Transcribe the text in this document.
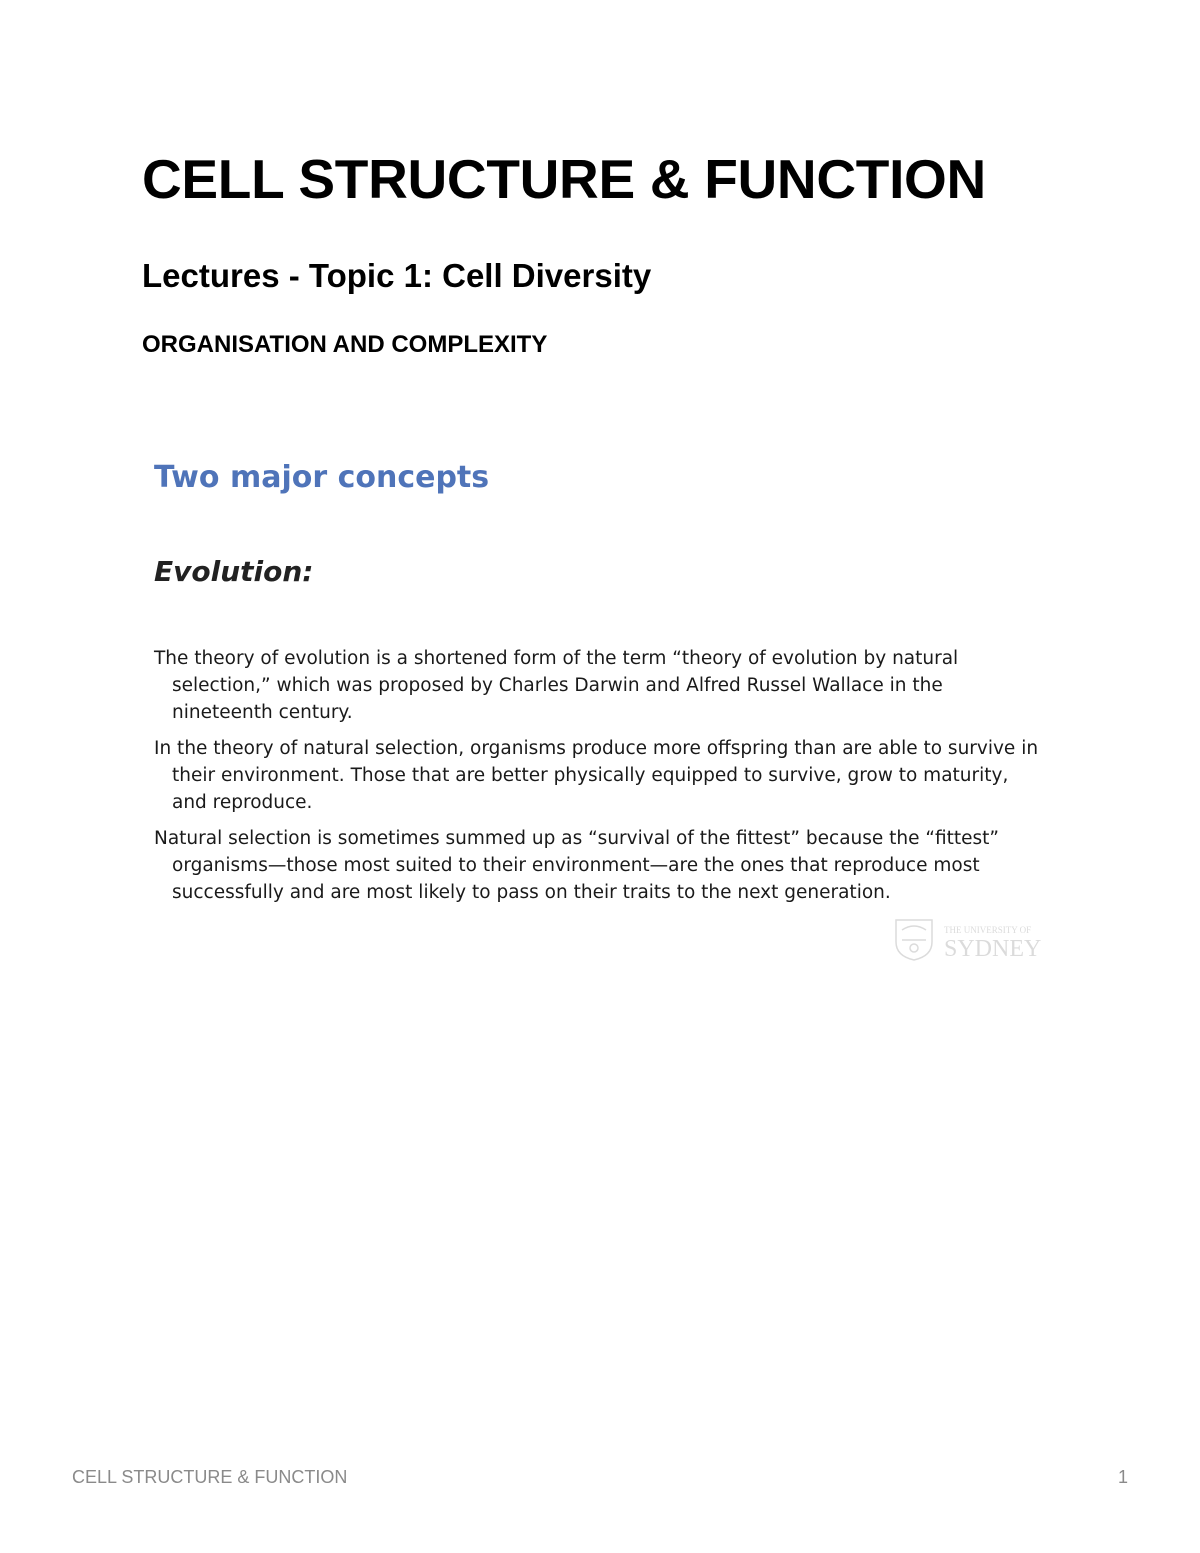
CELL STRUCTURE & FUNCTION
Lectures - Topic 1: Cell Diversity
ORGANISATION AND COMPLEXITY
Two major concepts
Evolution:
The theory of evolution is a shortened form of the term “theory of evolution by natural selection,” which was proposed by Charles Darwin and Alfred Russel Wallace in the nineteenth century.
In the theory of natural selection, organisms produce more offspring than are able to survive in their environment. Those that are better physically equipped to survive, grow to maturity, and reproduce.
Natural selection is sometimes summed up as “survival of the fittest” because the “fittest” organisms—those most suited to their environment—are the ones that reproduce most successfully and are most likely to pass on their traits to the next generation.
THE UNIVERSITY OF
SYDNEY
CELL STRUCTURE & FUNCTION	1
